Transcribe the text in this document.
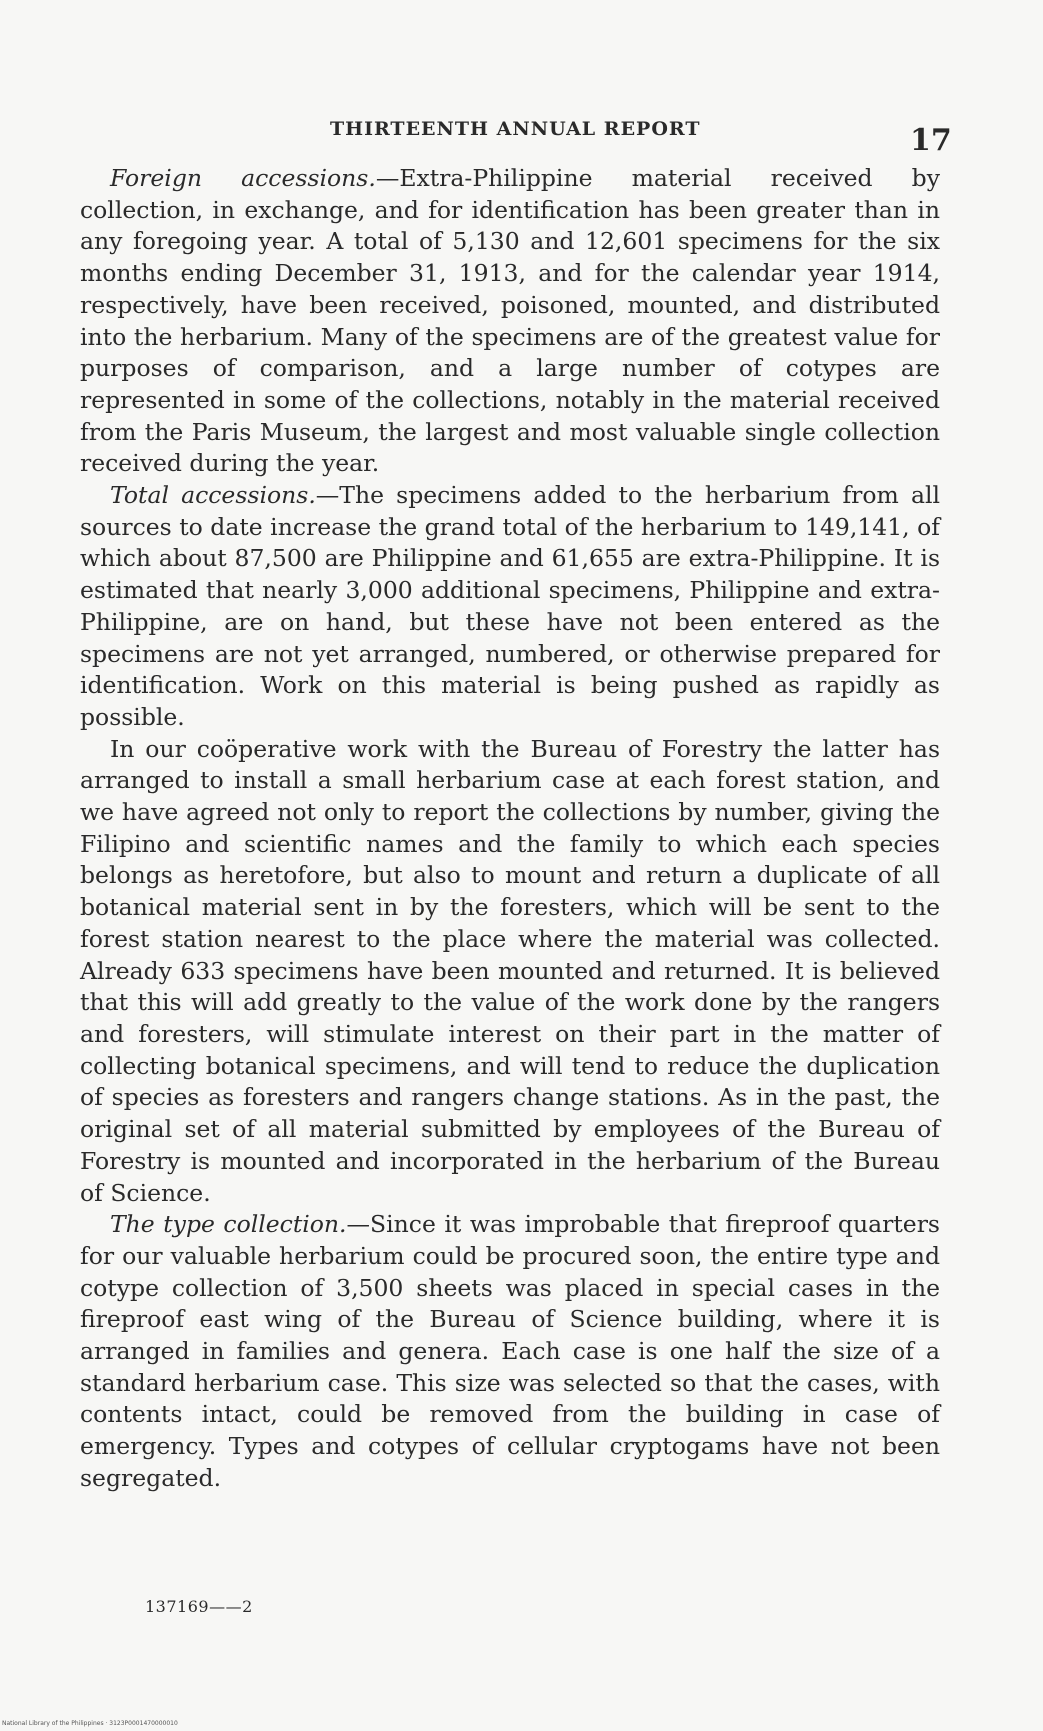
THIRTEENTH ANNUAL REPORT	17

Foreign accessions.—Extra-Philippine material received by collection, in exchange, and for identification has been greater than in any foregoing year. A total of 5,130 and 12,601 specimens for the six months ending December 31, 1913, and for the calendar year 1914, respectively, have been received, poisoned, mounted, and distributed into the herbarium. Many of the specimens are of the greatest value for purposes of comparison, and a large number of cotypes are represented in some of the collections, notably in the material received from the Paris Museum, the largest and most valuable single collection received during the year.

Total accessions.—The specimens added to the herbarium from all sources to date increase the grand total of the herbarium to 149,141, of which about 87,500 are Philippine and 61,655 are extra-Philippine. It is estimated that nearly 3,000 additional specimens, Philippine and extra-Philippine, are on hand, but these have not been entered as the specimens are not yet arranged, numbered, or otherwise prepared for identification. Work on this material is being pushed as rapidly as possible.

In our coöperative work with the Bureau of Forestry the latter has arranged to install a small herbarium case at each forest station, and we have agreed not only to report the collections by number, giving the Filipino and scientific names and the family to which each species belongs as heretofore, but also to mount and return a duplicate of all botanical material sent in by the foresters, which will be sent to the forest station nearest to the place where the material was collected. Already 633 specimens have been mounted and returned. It is believed that this will add greatly to the value of the work done by the rangers and foresters, will stimulate interest on their part in the matter of collecting botanical specimens, and will tend to reduce the duplication of species as foresters and rangers change stations. As in the past, the original set of all material submitted by employees of the Bureau of Forestry is mounted and incorporated in the herbarium of the Bureau of Science.

The type collection.—Since it was improbable that fireproof quarters for our valuable herbarium could be procured soon, the entire type and cotype collection of 3,500 sheets was placed in special cases in the fireproof east wing of the Bureau of Science building, where it is arranged in families and genera. Each case is one half the size of a standard herbarium case. This size was selected so that the cases, with contents intact, could be removed from the building in case of emergency. Types and cotypes of cellular cryptogams have not been segregated.

137169——2
National Library of the Philippines · 3123P0001470000010
